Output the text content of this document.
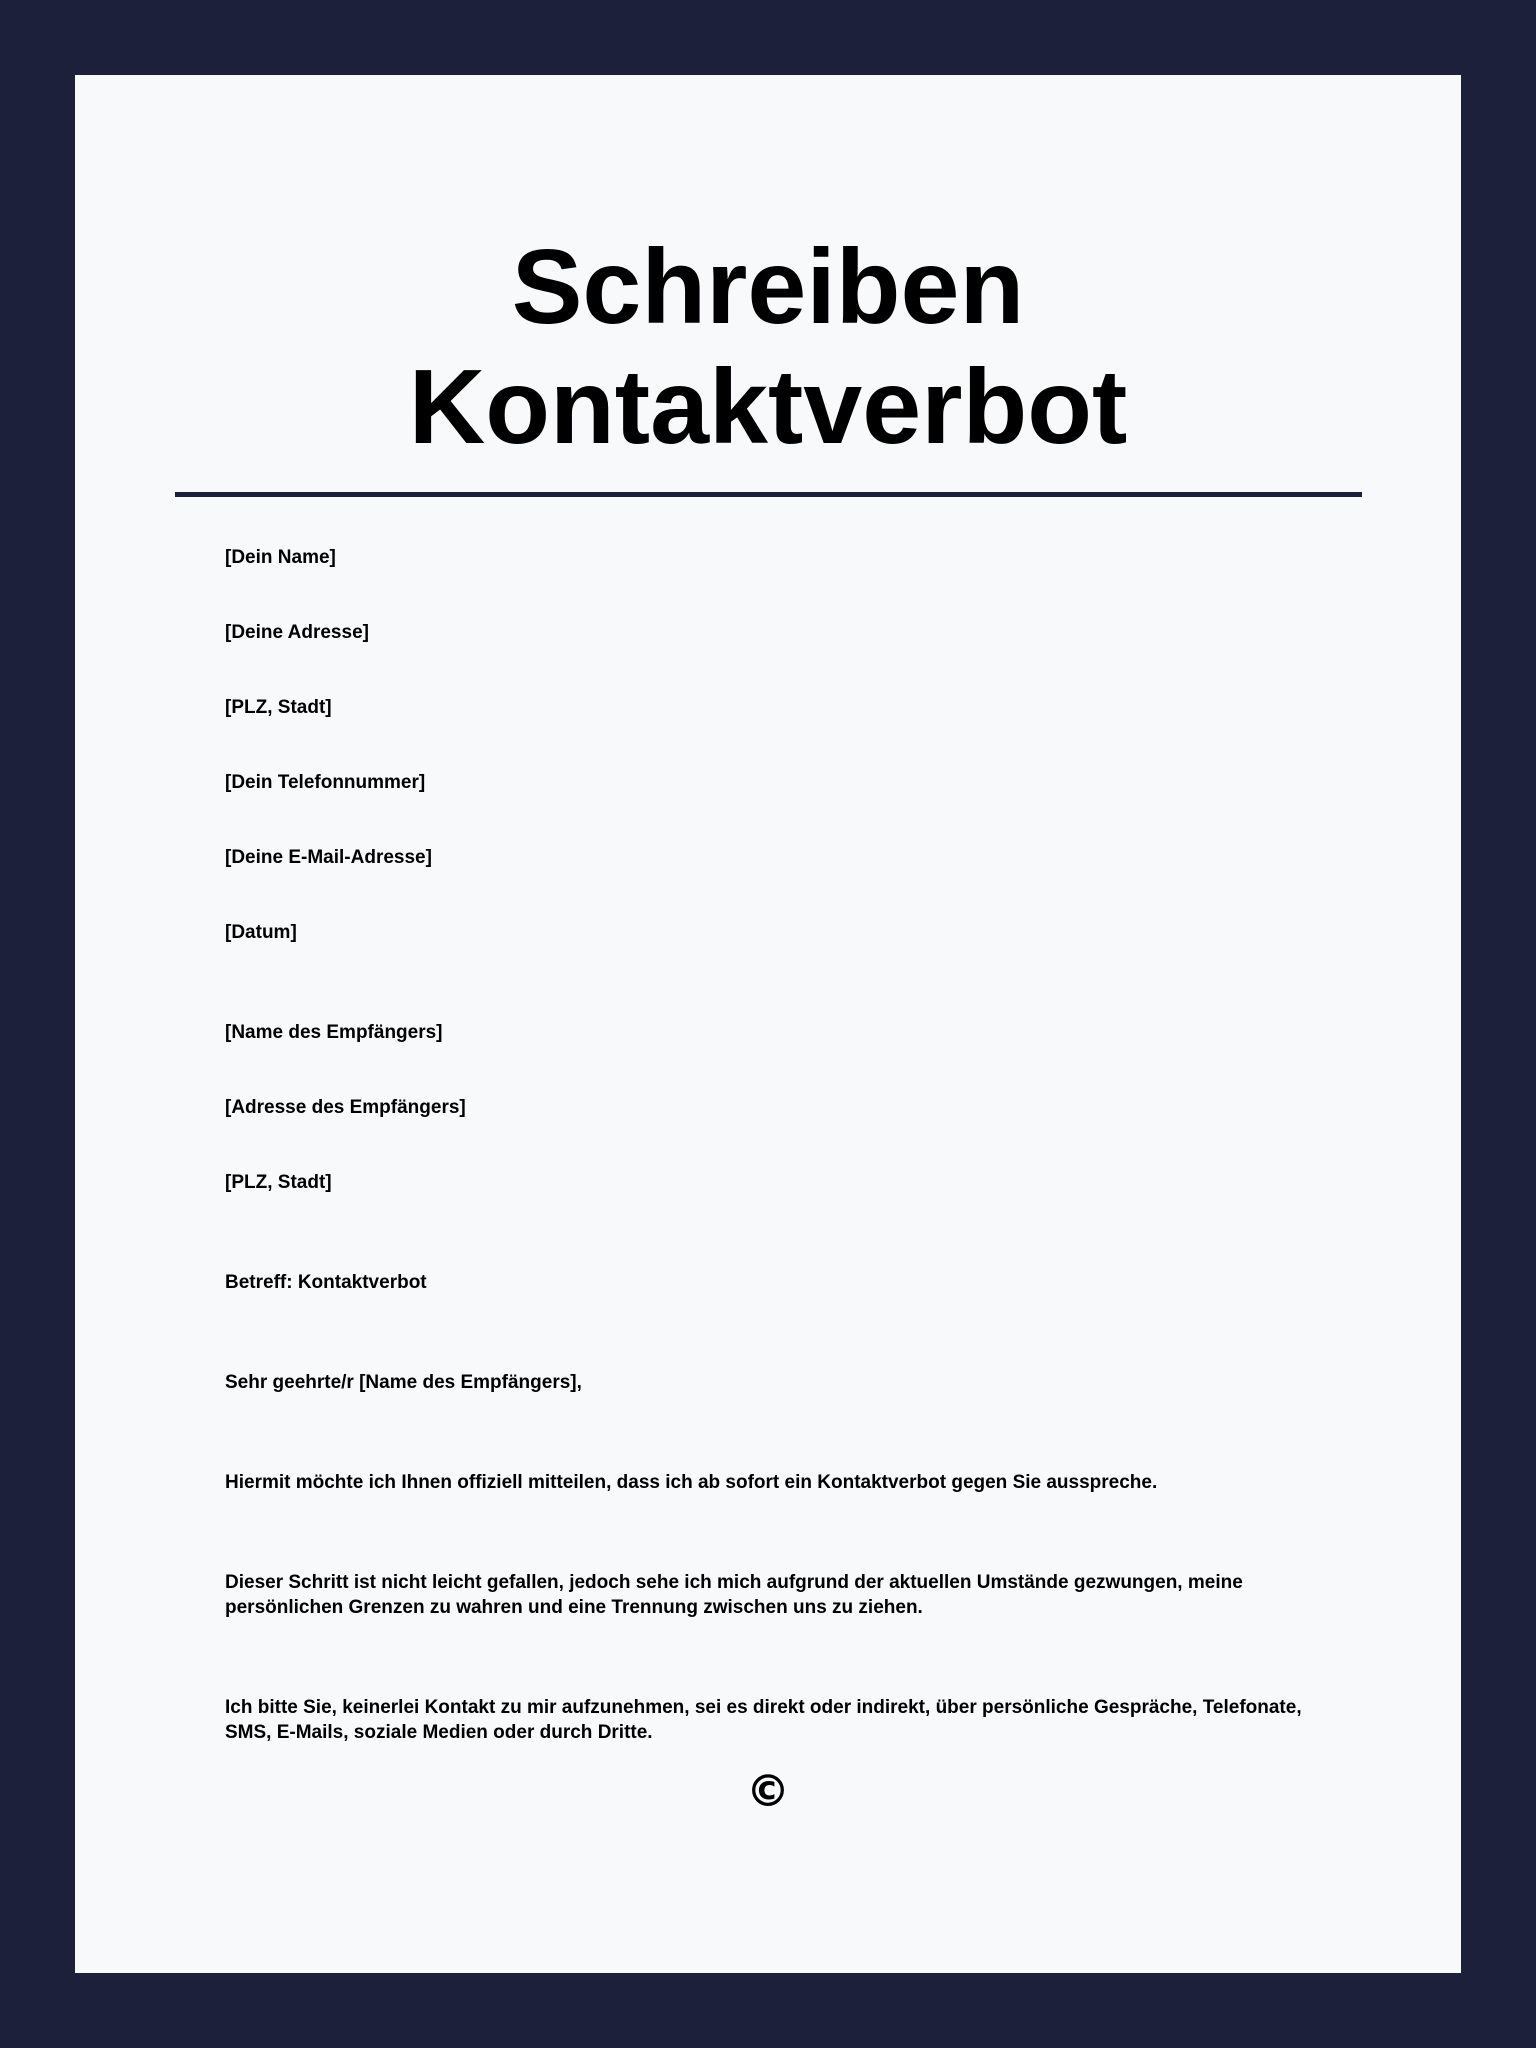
Schreiben
Kontaktverbot

[Dein Name]

[Deine Adresse]

[PLZ, Stadt]

[Dein Telefonnummer]

[Deine E-Mail-Adresse]

[Datum]

[Name des Empfängers]

[Adresse des Empfängers]

[PLZ, Stadt]

Betreff: Kontaktverbot

Sehr geehrte/r [Name des Empfängers],

Hiermit möchte ich Ihnen offiziell mitteilen, dass ich ab sofort ein Kontaktverbot gegen Sie ausspreche.

Dieser Schritt ist nicht leicht gefallen, jedoch sehe ich mich aufgrund der aktuellen Umstände gezwungen, meine persönlichen Grenzen zu wahren und eine Trennung zwischen uns zu ziehen.

Ich bitte Sie, keinerlei Kontakt zu mir aufzunehmen, sei es direkt oder indirekt, über persönliche Gespräche, Telefonate, SMS, E-Mails, soziale Medien oder durch Dritte.

©
